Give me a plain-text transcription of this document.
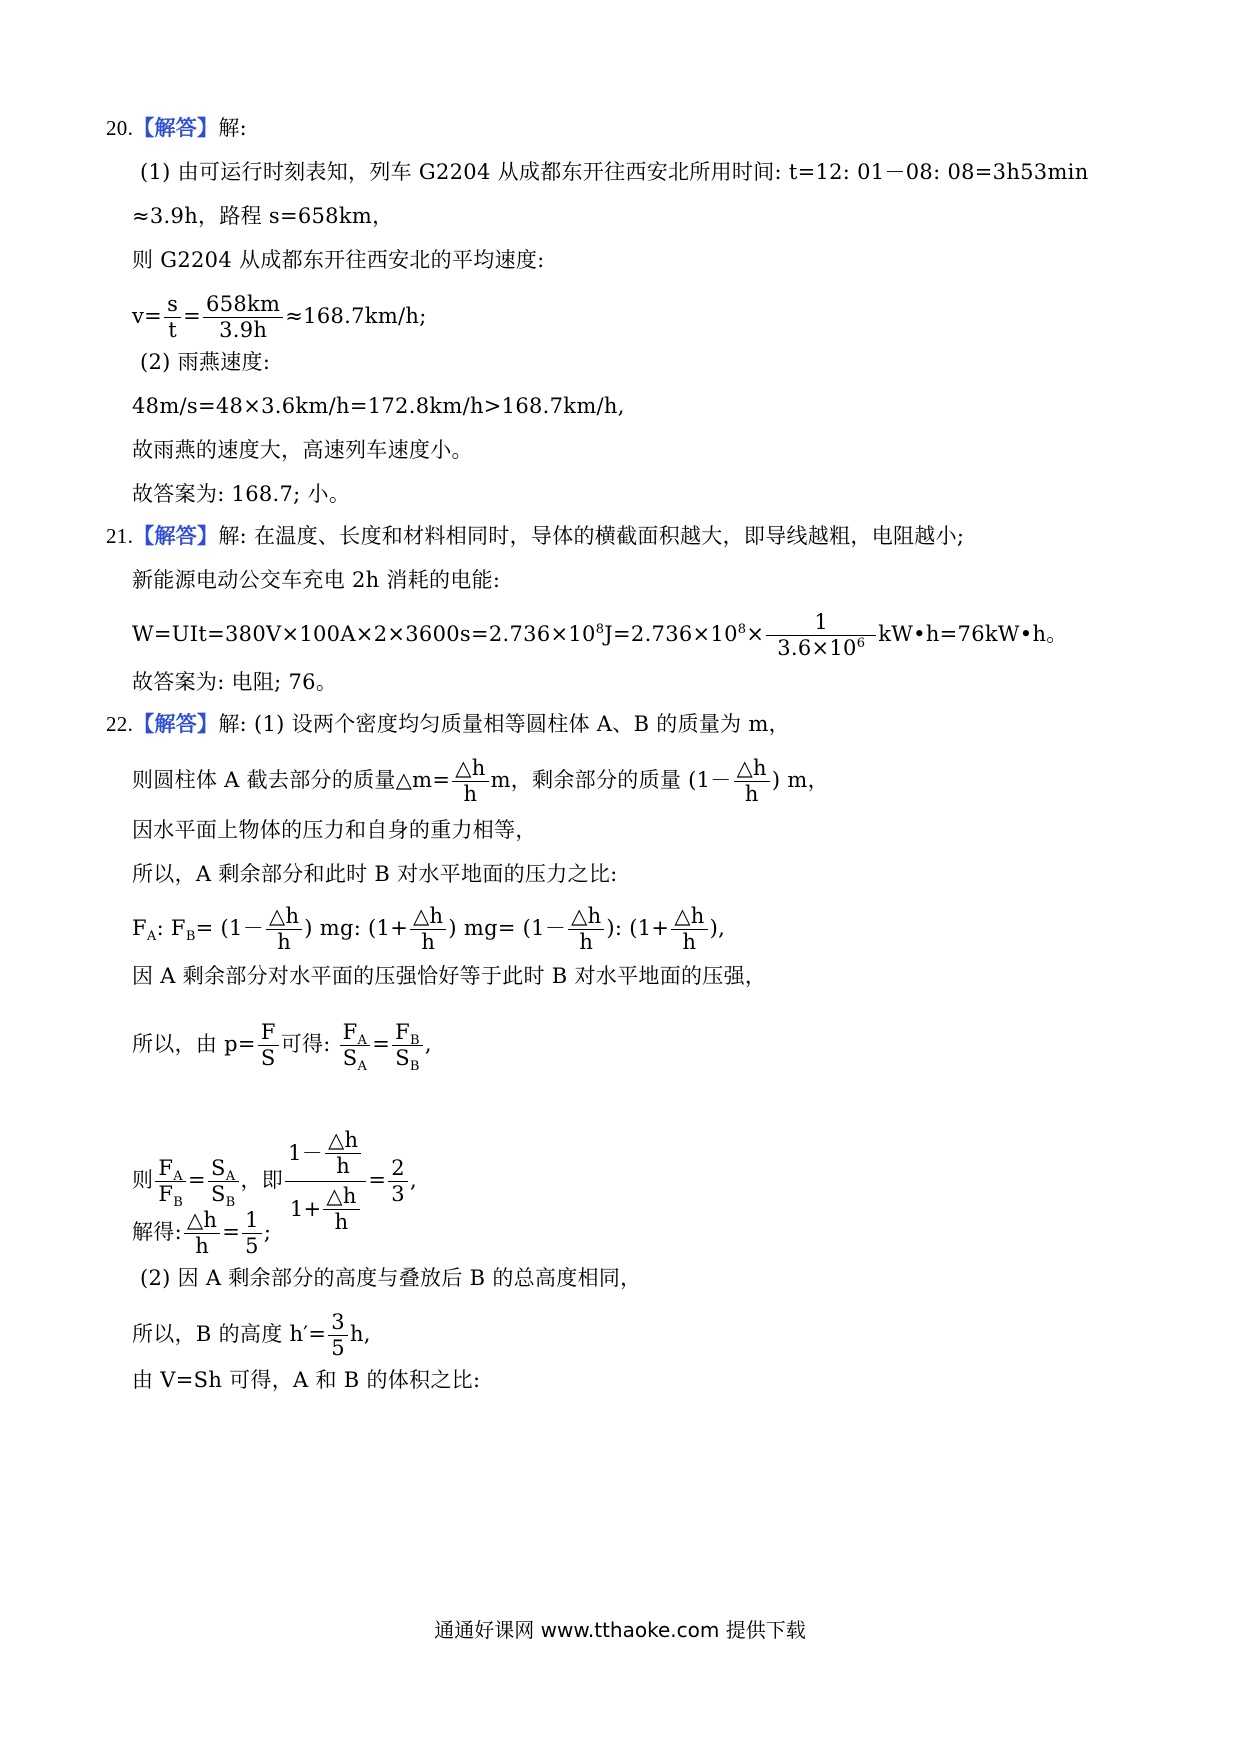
20.【解答】解:
(1) 由可运行时刻表知，列车 G2204 从成都东开往西安北所用时间: t=12: 01－08: 08=3h53min
≈3.9h，路程 s=658km，
则 G2204 从成都东开往西安北的平均速度:
$v= \frac{s}{t} = \frac{658km}{3.9h} \approx 168.7km/h$;
(2) 雨燕速度:
48m/s=48×3.6km/h=172.8km/h>168.7km/h,
故雨燕的速度大，高速列车速度小。
故答案为: 168.7; 小。
21.【解答】解: 在温度、长度和材料相同时，导体的横截面积越大，即导线越粗，电阻越小;
新能源电动公交车充电 2h 消耗的电能:
$W=UIt=380V\times 100A\times 2\times 3600s=2.736\times 10^8J=2.736\times 10^8\times \frac{1}{3.6\times 10^6}$ kW•h=76kW•h。
故答案为: 电阻; 76。
22.【解答】解: (1) 设两个密度均匀质量相等圆柱体 A、B 的质量为 m，
则圆柱体 A 截去部分的质量△m= $\frac{\triangle h}{h}$ m，剩余部分的质量 ($1- \frac{\triangle h}{h}$ ) m，
因水平面上物体的压力和自身的重力相等，
所以，A 剩余部分和此时 B 对水平地面的压力之比:
$F_A$: $F_B= (1- \frac{\triangle h}{h}$ ) mg: ($1+ \frac{\triangle h}{h}$ ) $mg= (1- \frac{\triangle h}{h}$ ): ($1+ \frac{\triangle h}{h}$ ),
因 A 剩余部分对水平面的压强恰好等于此时 B 对水平地面的压强，
所以，由 $p= \frac{F}{S}$ 可得: $\frac{F_A}{S_A} = \frac{F_B}{S_B}$ ,
则 $\frac{F_A}{F_B} = \frac{S_A}{S_B}$ ，即 $\frac{1- \frac{\triangle h}{h}}{1+ \frac{\triangle h}{h}} = \frac{2}{3}$ ,
解得: $\frac{\triangle h}{h} = \frac{1}{5}$ ;
(2) 因 A 剩余部分的高度与叠放后 B 的总高度相同，
所以，B 的高度 $h'= \frac{3}{5} h$,
由 V=Sh 可得，A 和 B 的体积之比:
通通好课网 www.tthaoke.com 提供下载
